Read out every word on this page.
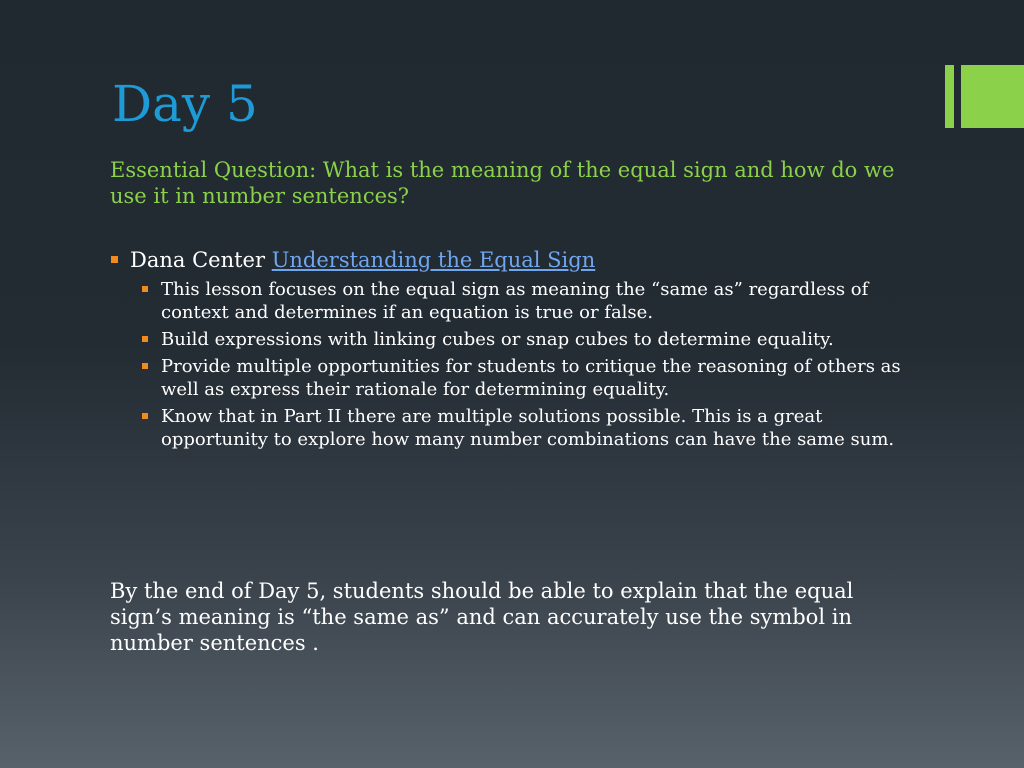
Day 5

Essential Question: What is the meaning of the equal sign and how do we use it in number sentences?

Dana Center Understanding the Equal Sign
This lesson focuses on the equal sign as meaning the “same as” regardless of context and determines if an equation is true or false.
Build expressions with linking cubes or snap cubes to determine equality.
Provide multiple opportunities for students to critique the reasoning of others as well as express their rationale for determining equality.
Know that in Part II there are multiple solutions possible. This is a great opportunity to explore how many number combinations can have the same sum.

By the end of Day 5, students should be able to explain that the equal sign’s meaning is “the same as” and can accurately use the symbol in number sentences .
